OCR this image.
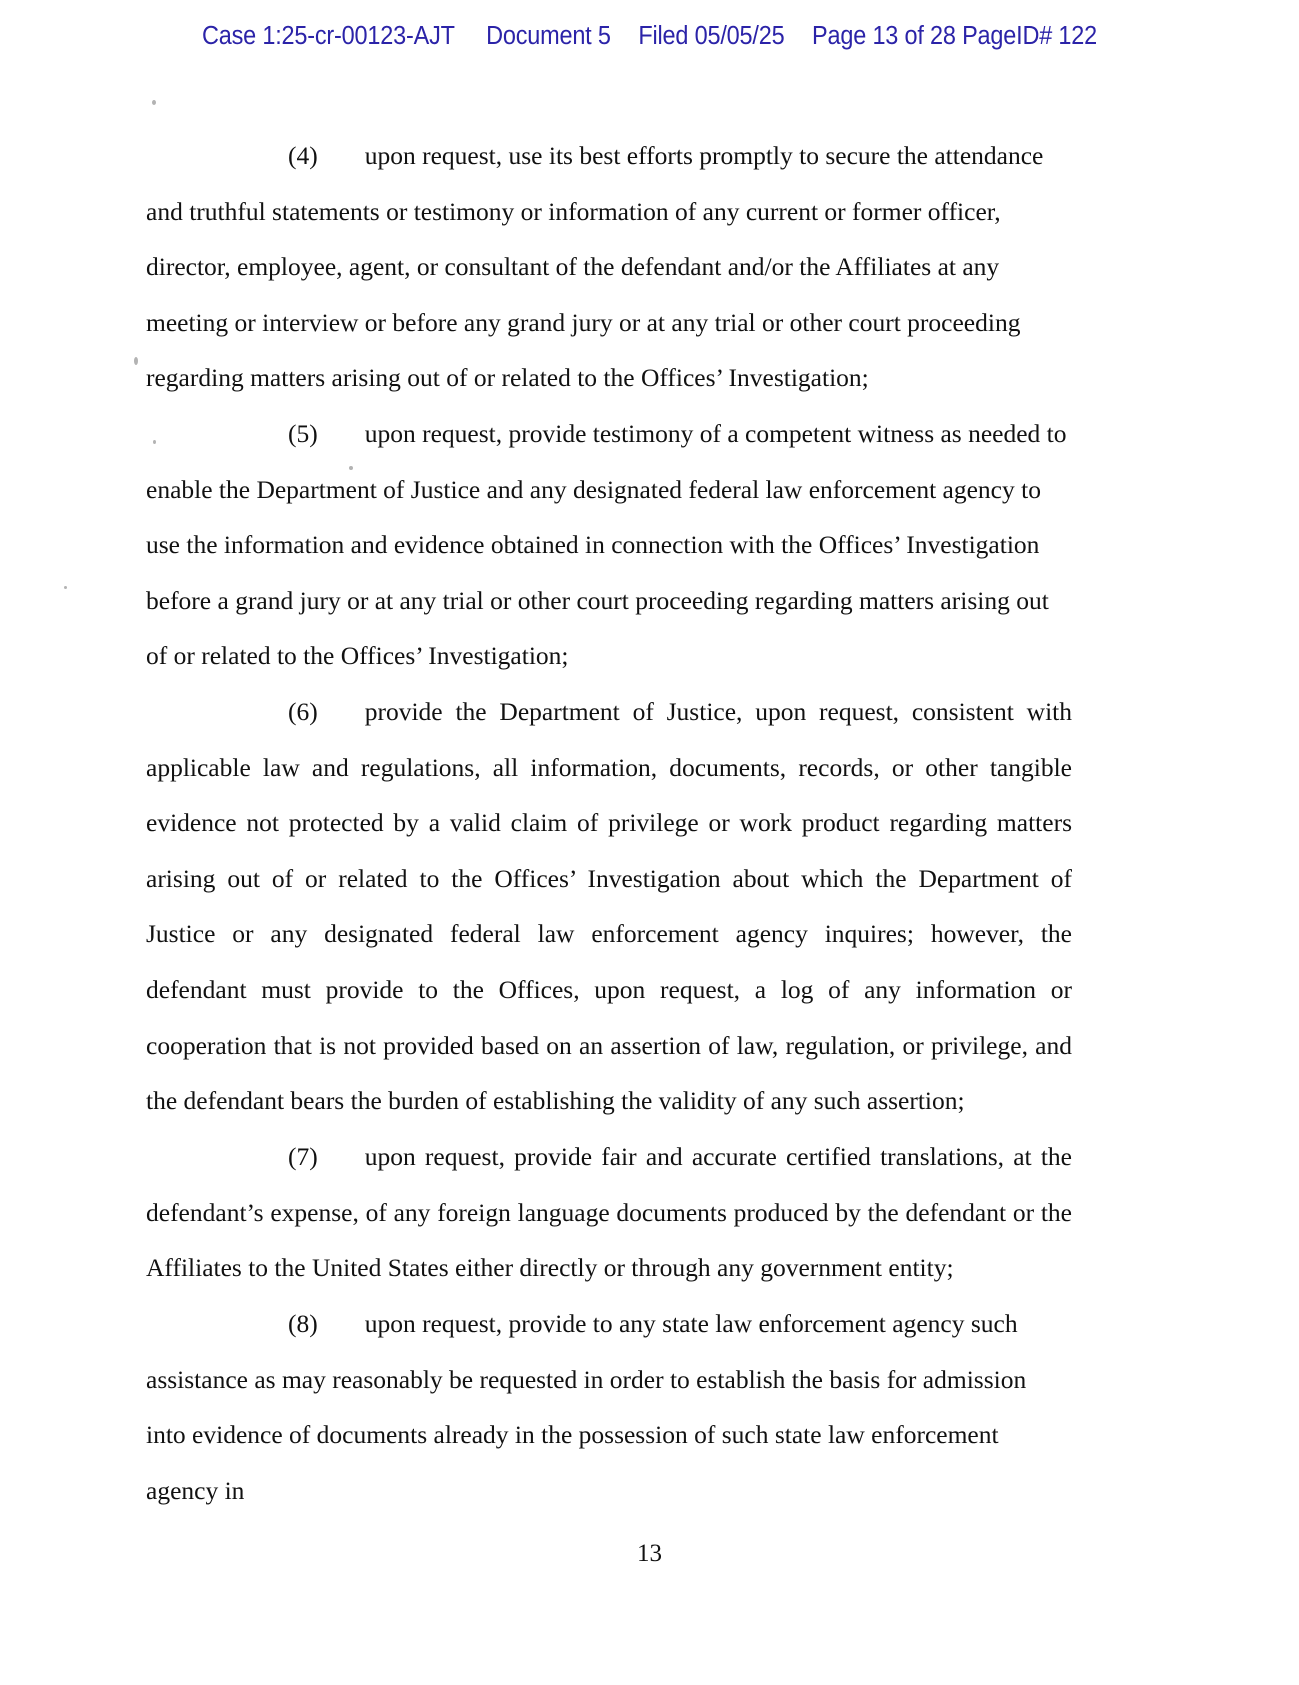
Case 1:25-cr-00123-AJT Document 5 Filed 05/05/25 Page 13 of 28 PageID# 122

(4) upon request, use its best efforts promptly to secure the attendance and truthful statements or testimony or information of any current or former officer, director, employee, agent, or consultant of the defendant and/or the Affiliates at any meeting or interview or before any grand jury or at any trial or other court proceeding regarding matters arising out of or related to the Offices’ Investigation;

(5) upon request, provide testimony of a competent witness as needed to enable the Department of Justice and any designated federal law enforcement agency to use the information and evidence obtained in connection with the Offices’ Investigation before a grand jury or at any trial or other court proceeding regarding matters arising out of or related to the Offices’ Investigation;

(6) provide the Department of Justice, upon request, consistent with applicable law and regulations, all information, documents, records, or other tangible evidence not protected by a valid claim of privilege or work product regarding matters arising out of or related to the Offices’ Investigation about which the Department of Justice or any designated federal law enforcement agency inquires; however, the defendant must provide to the Offices, upon request, a log of any information or cooperation that is not provided based on an assertion of law, regulation, or privilege, and the defendant bears the burden of establishing the validity of any such assertion;

(7) upon request, provide fair and accurate certified translations, at the defendant’s expense, of any foreign language documents produced by the defendant or the Affiliates to the United States either directly or through any government entity;

(8) upon request, provide to any state law enforcement agency such assistance as may reasonably be requested in order to establish the basis for admission into evidence of documents already in the possession of such state law enforcement agency in

13
